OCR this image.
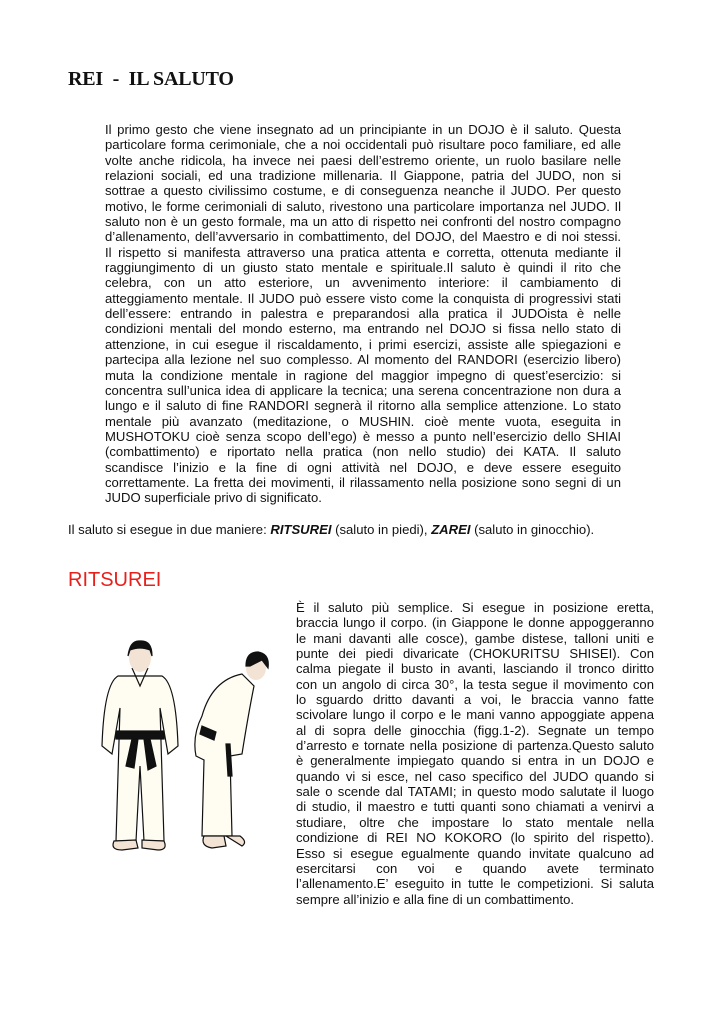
REI  -  IL SALUTO
Il primo gesto che viene insegnato ad un principiante in un DOJO è il saluto. Questa
particolare forma cerimoniale, che a noi occidentali può risultare poco familiare, ed alle
volte anche ridicola, ha invece nei paesi dell’estremo oriente, un ruolo basilare nelle
relazioni sociali, ed una tradizione millenaria. Il Giappone, patria del JUDO, non si
sottrae a questo civilissimo costume, e di conseguenza neanche il JUDO. Per questo
motivo, le forme cerimoniali di saluto, rivestono una particolare importanza nel JUDO. Il
saluto non è un gesto formale, ma un atto di rispetto nei confronti del nostro compagno
d’allenamento, dell’avversario in combattimento, del DOJO, del Maestro e di noi stessi.
Il rispetto si manifesta attraverso una pratica attenta e corretta, ottenuta mediante il
raggiungimento di un giusto stato mentale e spirituale.Il saluto è quindi il rito che
celebra, con un atto esteriore, un avvenimento interiore: il cambiamento di
atteggiamento mentale. Il JUDO può essere visto come la conquista di progressivi stati
dell’essere: entrando in palestra e preparandosi alla pratica il JUDOista è nelle
condizioni mentali del mondo esterno, ma entrando nel DOJO si fissa nello stato di
attenzione, in cui esegue il riscaldamento, i primi esercizi, assiste alle spiegazioni e
partecipa alla lezione nel suo complesso. Al momento del RANDORI (esercizio libero)
muta la condizione mentale in ragione del maggior impegno di quest’esercizio: si
concentra sull’unica idea di applicare la tecnica; una serena concentrazione non dura a
lungo e il saluto di fine RANDORI segnerà il ritorno alla semplice attenzione. Lo stato
mentale più avanzato (meditazione, o MUSHIN. cioè mente vuota, eseguita in
MUSHOTOKU cioè senza scopo dell’ego) è messo a punto nell’esercizio dello SHIAI
(combattimento) e riportato nella pratica (non nello studio) dei KATA. Il saluto
scandisce l’inizio e la fine di ogni attività nel DOJO, e deve essere eseguito
correttamente. La fretta dei movimenti, il rilassamento nella posizione sono segni di un
JUDO superficiale privo di significato.
Il saluto si esegue in due maniere: RITSUREI (saluto in piedi), ZAREI (saluto in ginocchio).
RITSUREI
È il saluto più semplice. Si esegue in posizione eretta,
braccia lungo il corpo. (in Giappone le donne appoggeranno
le mani davanti alle cosce), gambe distese, talloni uniti e
punte dei piedi divaricate (CHOKURITSU SHISEI). Con
calma piegate il busto in avanti, lasciando il tronco diritto
con un angolo di circa 30°, la testa segue il movimento con
lo sguardo dritto davanti a voi, le braccia vanno fatte
scivolare lungo il corpo e le mani vanno appoggiate appena
al di sopra delle ginocchia (figg.1-2). Segnate un tempo
d’arresto e tornate nella posizione di partenza.Questo saluto
è generalmente impiegato quando si entra in un DOJO e
quando vi si esce, nel caso specifico del JUDO quando si
sale o scende dal TATAMI; in questo modo salutate il luogo
di studio, il maestro e tutti quanti sono chiamati a venirvi a
studiare, oltre che impostare lo stato mentale nella
condizione di REI NO KOKORO (lo spirito del rispetto).
Esso si esegue egualmente quando invitate qualcuno ad
esercitarsi con voi e quando avete terminato
l’allenamento.E’ eseguito in tutte le competizioni. Si saluta
sempre all’inizio e alla fine di un combattimento.
